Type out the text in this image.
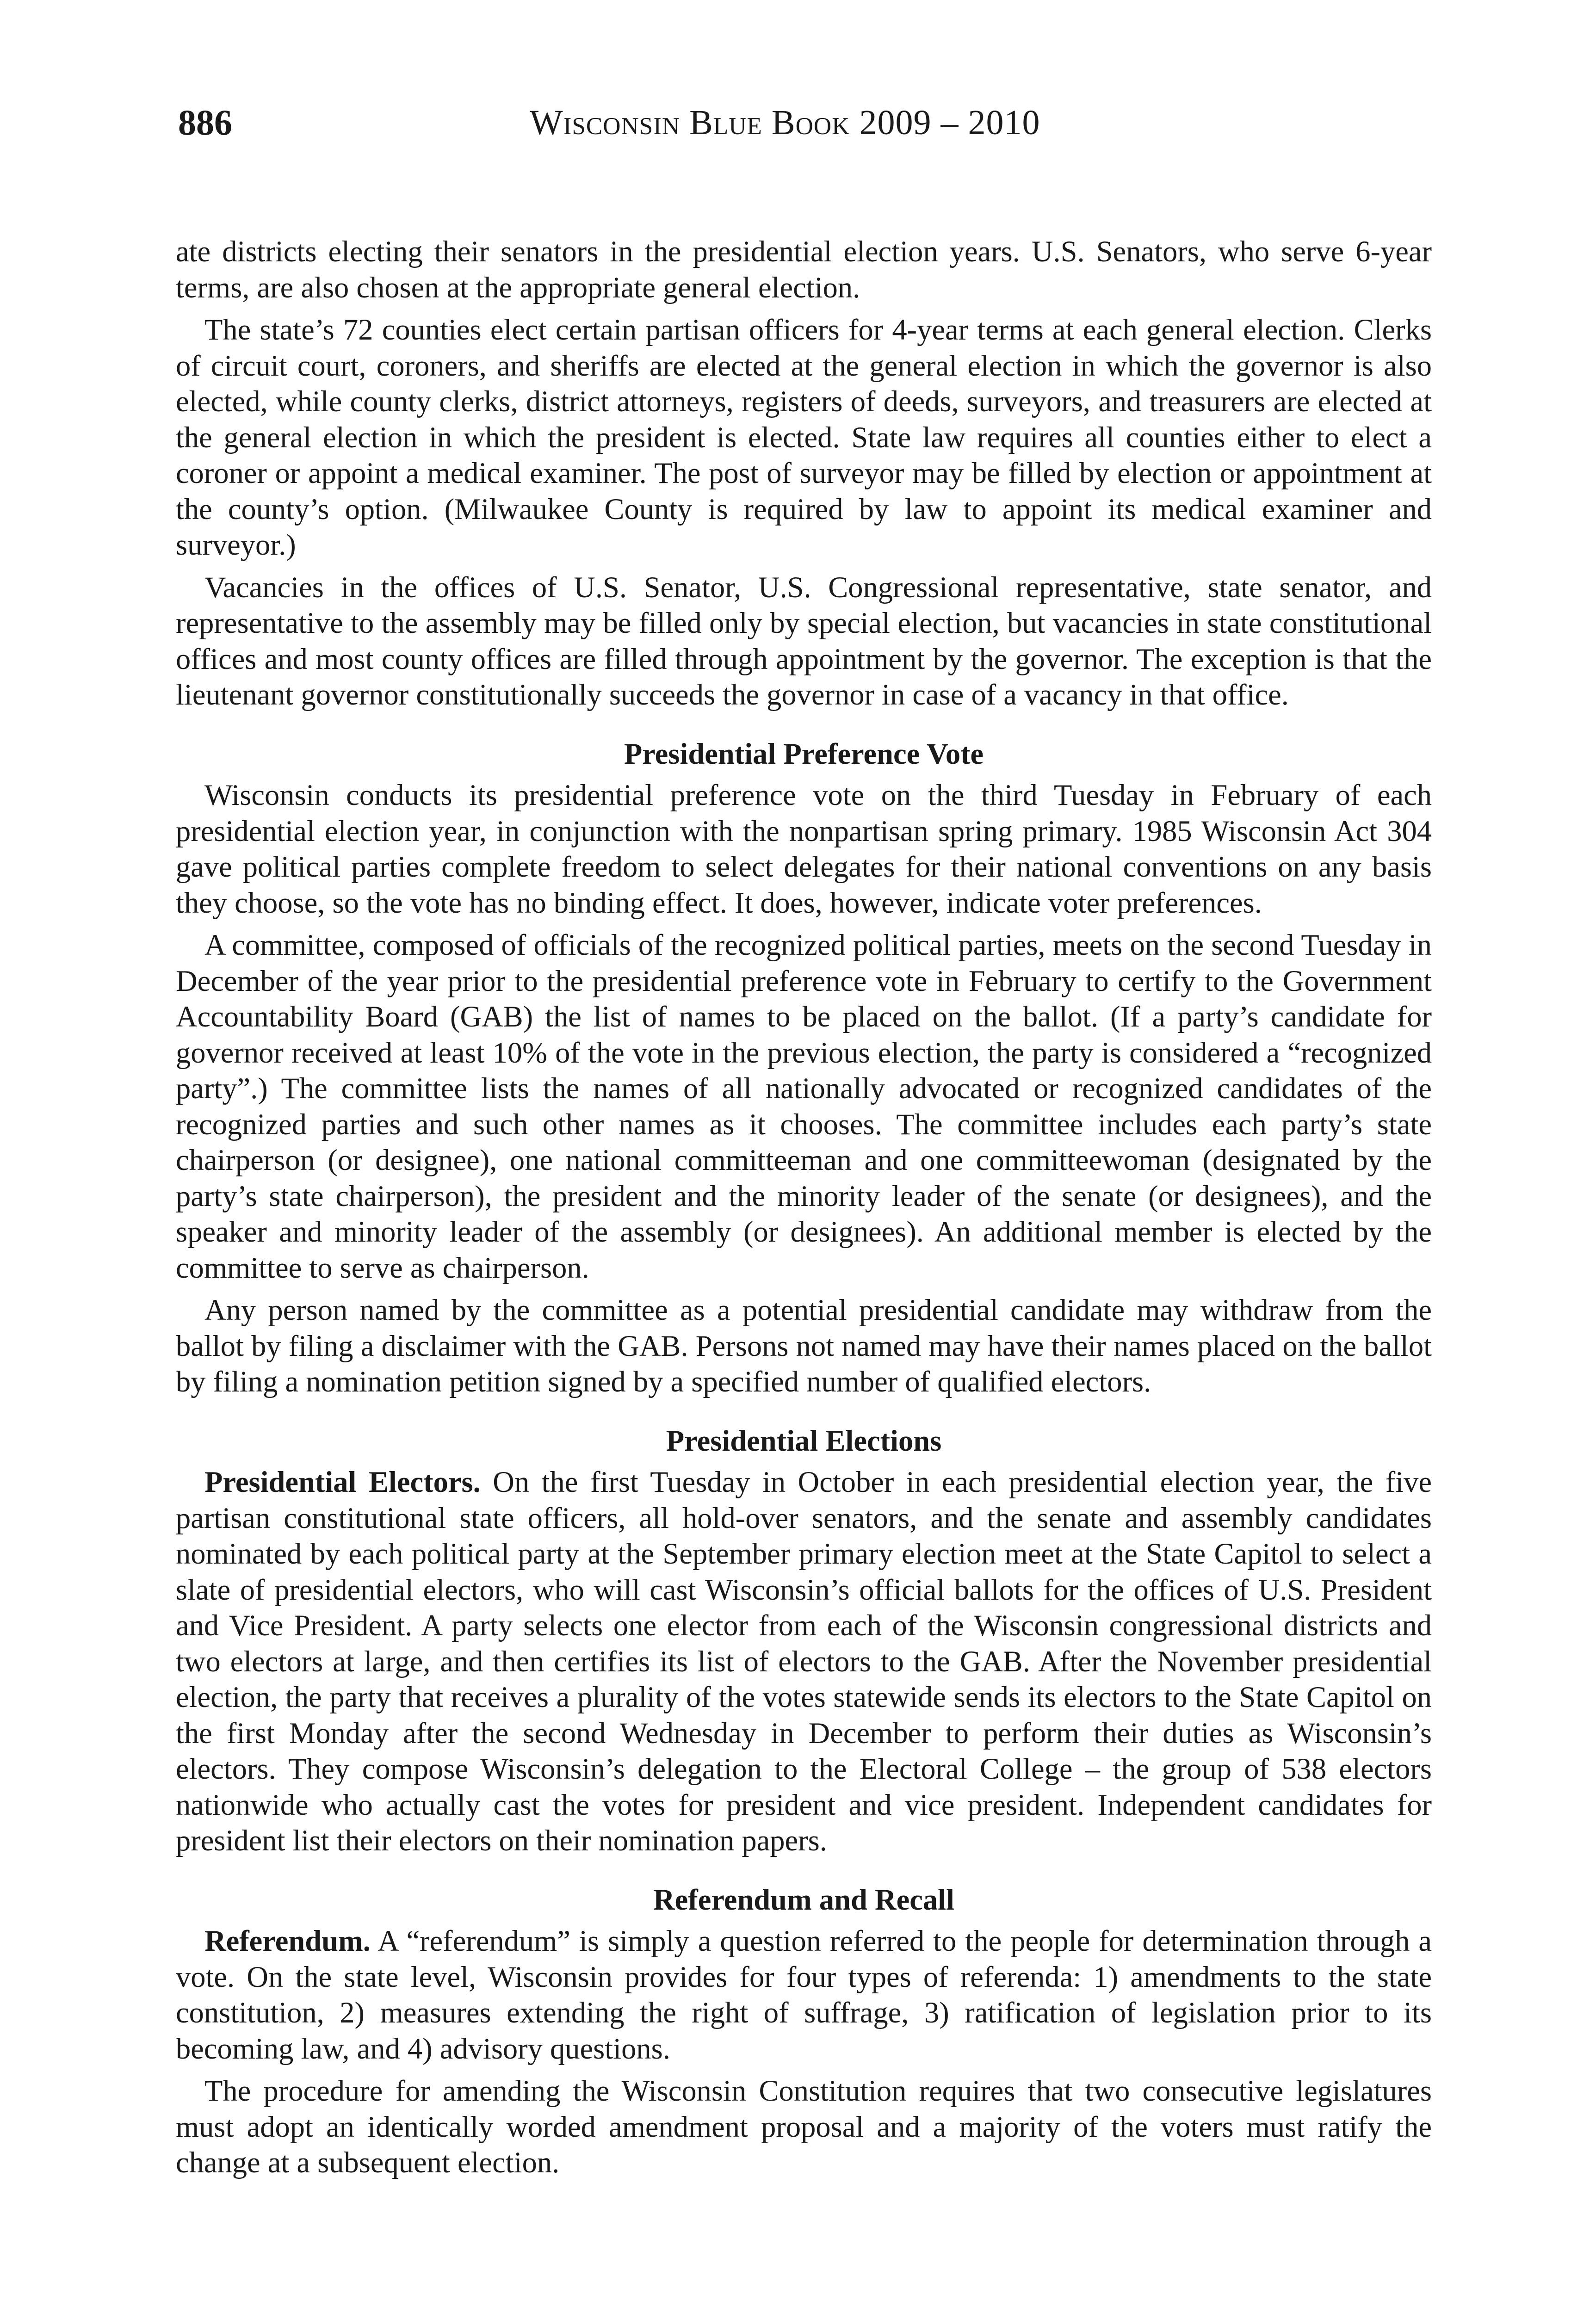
886	Wisconsin Blue Book 2009 – 2010

ate districts electing their senators in the presidential election years. U.S. Senators, who serve 6-year terms, are also chosen at the appropriate general election.

The state’s 72 counties elect certain partisan officers for 4-year terms at each general election. Clerks of circuit court, coroners, and sheriffs are elected at the general election in which the governor is also elected, while county clerks, district attorneys, registers of deeds, surveyors, and treasurers are elected at the general election in which the president is elected. State law requires all counties either to elect a coroner or appoint a medical examiner. The post of surveyor may be filled by election or appointment at the county’s option. (Milwaukee County is required by law to appoint its medical examiner and surveyor.)

Vacancies in the offices of U.S. Senator, U.S. Congressional representative, state senator, and representative to the assembly may be filled only by special election, but vacancies in state constitutional offices and most county offices are filled through appointment by the governor. The exception is that the lieutenant governor constitutionally succeeds the governor in case of a vacancy in that office.

Presidential Preference Vote

Wisconsin conducts its presidential preference vote on the third Tuesday in February of each presidential election year, in conjunction with the nonpartisan spring primary. 1985 Wisconsin Act 304 gave political parties complete freedom to select delegates for their national conventions on any basis they choose, so the vote has no binding effect. It does, however, indicate voter preferences.

A committee, composed of officials of the recognized political parties, meets on the second Tuesday in December of the year prior to the presidential preference vote in February to certify to the Government Accountability Board (GAB) the list of names to be placed on the ballot. (If a party’s candidate for governor received at least 10% of the vote in the previous election, the party is considered a “recognized party”.) The committee lists the names of all nationally advocated or recognized candidates of the recognized parties and such other names as it chooses. The committee includes each party’s state chairperson (or designee), one national committeeman and one committeewoman (designated by the party’s state chairperson), the president and the minority leader of the senate (or designees), and the speaker and minority leader of the assembly (or designees). An additional member is elected by the committee to serve as chairperson.

Any person named by the committee as a potential presidential candidate may withdraw from the ballot by filing a disclaimer with the GAB. Persons not named may have their names placed on the ballot by filing a nomination petition signed by a specified number of qualified electors.

Presidential Elections

Presidential Electors. On the first Tuesday in October in each presidential election year, the five partisan constitutional state officers, all hold-over senators, and the senate and assembly candidates nominated by each political party at the September primary election meet at the State Capitol to select a slate of presidential electors, who will cast Wisconsin’s official ballots for the offices of U.S. President and Vice President. A party selects one elector from each of the Wisconsin congressional districts and two electors at large, and then certifies its list of electors to the GAB. After the November presidential election, the party that receives a plurality of the votes statewide sends its electors to the State Capitol on the first Monday after the second Wednesday in December to perform their duties as Wisconsin’s electors. They compose Wisconsin’s delegation to the Electoral College – the group of 538 electors nationwide who actually cast the votes for president and vice president. Independent candidates for president list their electors on their nomination papers.

Referendum and Recall

Referendum. A “referendum” is simply a question referred to the people for determination through a vote. On the state level, Wisconsin provides for four types of referenda: 1) amendments to the state constitution, 2) measures extending the right of suffrage, 3) ratification of legislation prior to its becoming law, and 4) advisory questions.

The procedure for amending the Wisconsin Constitution requires that two consecutive legislatures must adopt an identically worded amendment proposal and a majority of the voters must ratify the change at a subsequent election.
